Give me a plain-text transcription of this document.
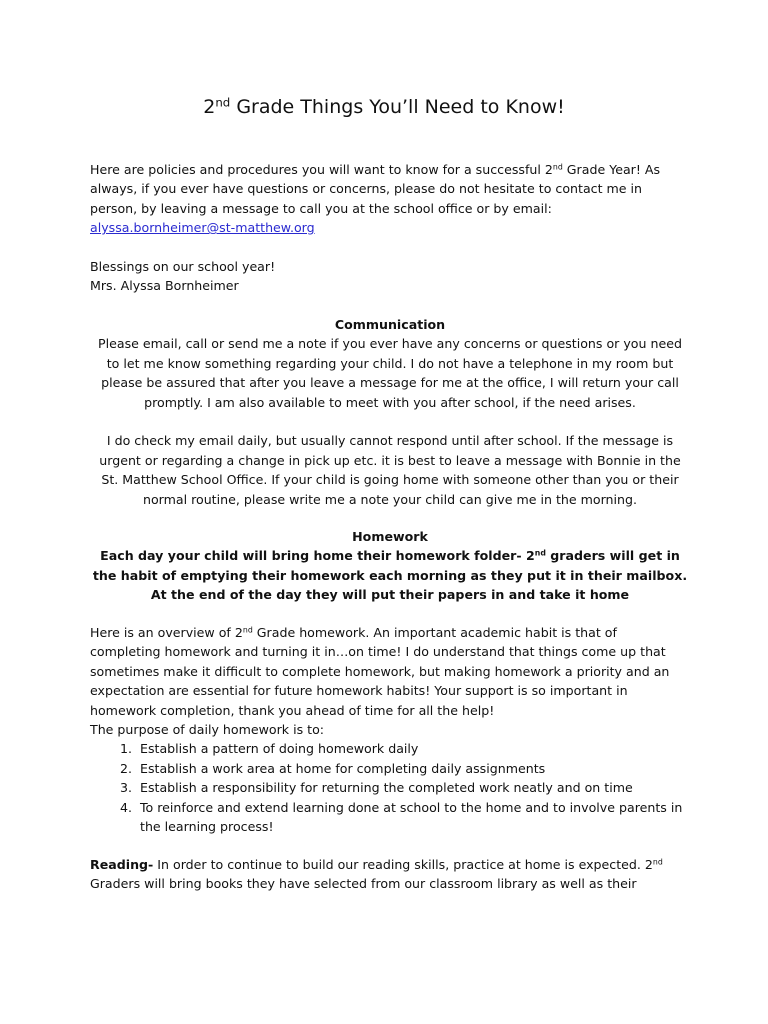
2nd Grade Things You’ll Need to Know!
Here are policies and procedures you will want to know for a successful 2nd Grade Year! As always, if you ever have questions or concerns, please do not hesitate to contact me in person, by leaving a message to call you at the school office or by email: alyssa.bornheimer@st-matthew.org

Blessings on our school year!

Mrs. Alyssa Bornheimer

Communication

Please email, call or send me a note if you ever have any concerns or questions or you need to let me know something regarding your child. I do not have a telephone in my room but please be assured that after you leave a message for me at the office, I will return your call promptly. I am also available to meet with you after school, if the need arises.

I do check my email daily, but usually cannot respond until after school. If the message is urgent or regarding a change in pick up etc. it is best to leave a message with Bonnie in the St. Matthew School Office. If your child is going home with someone other than you or their normal routine, please write me a note your child can give me in the morning.

Homework

Each day your child will bring home their homework folder- 2nd graders will get in the habit of emptying their homework each morning as they put it in their mailbox. At the end of the day they will put their papers in and take it home

Here is an overview of 2nd Grade homework. An important academic habit is that of completing homework and turning it in…on time! I do understand that things come up that sometimes make it difficult to complete homework, but making homework a priority and an expectation are essential for future homework habits! Your support is so important in homework completion, thank you ahead of time for all the help!

The purpose of daily homework is to:

1. Establish a pattern of doing homework daily
2. Establish a work area at home for completing daily assignments
3. Establish a responsibility for returning the completed work neatly and on time
4. To reinforce and extend learning done at school to the home and to involve parents in the learning process!
Reading- In order to continue to build our reading skills, practice at home is expected. 2nd Graders will bring books they have selected from our classroom library as well as their
